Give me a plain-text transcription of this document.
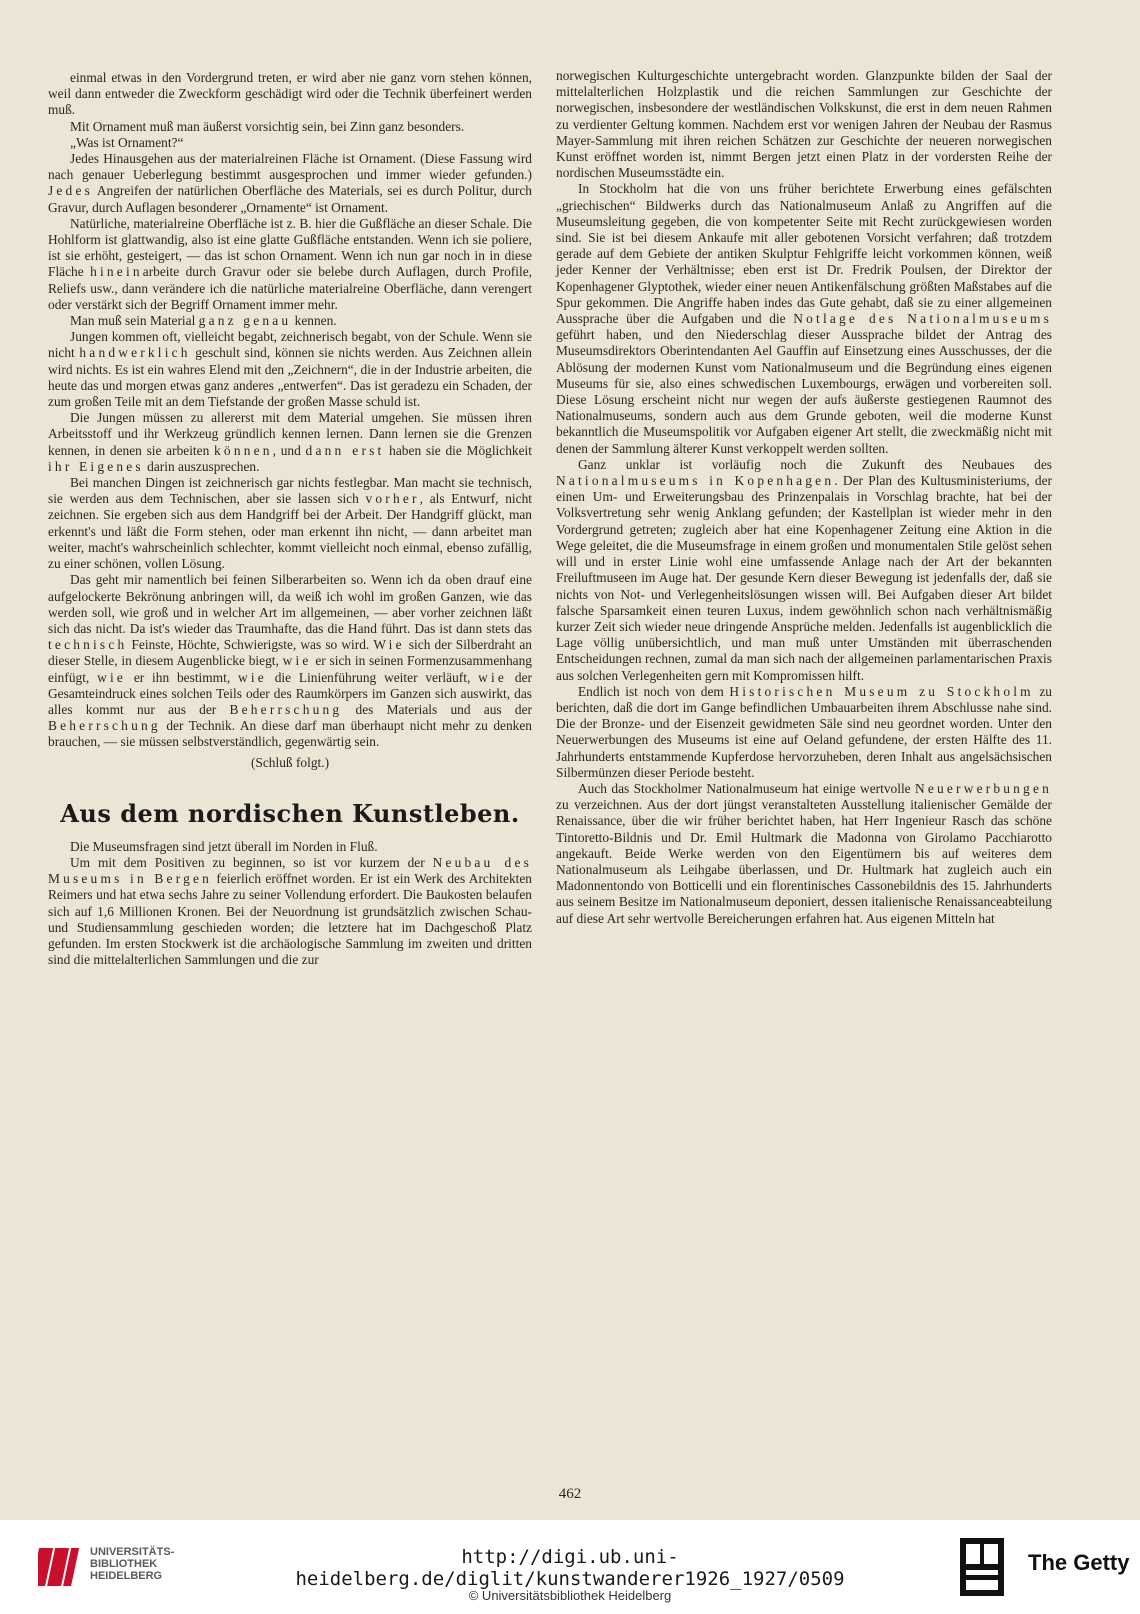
einmal etwas in den Vordergrund treten, er wird aber nie ganz vorn stehen können, weil dann entweder die Zweckform geschädigt wird oder die Technik überfeinert werden muß.

Mit Ornament muß man äußerst vorsichtig sein, bei Zinn ganz besonders.

„Was ist Ornament?“

Jedes Hinausgehen aus der materialreinen Fläche ist Ornament. (Diese Fassung wird nach genauer Ueberlegung bestimmt ausgesprochen und immer wieder gefunden.) Jedes Angreifen der natürlichen Oberfläche des Materials, sei es durch Politur, durch Gravur, durch Auflagen besonderer „Ornamente“ ist Ornament.

Natürliche, materialreine Oberfläche ist z. B. hier die Gußfläche an dieser Schale. Die Hohlform ist glattwandig, also ist eine glatte Gußfläche entstanden. Wenn ich sie poliere, ist sie erhöht, gesteigert, — das ist schon Ornament. Wenn ich nun gar noch in in diese Fläche hineinarbeite durch Gravur oder sie belebe durch Auflagen, durch Profile, Reliefs usw., dann verändere ich die natürliche materialreine Oberfläche, dann verengert oder verstärkt sich der Begriff Ornament immer mehr.

Man muß sein Material ganz genau kennen.

Jungen kommen oft, vielleicht begabt, zeichnerisch begabt, von der Schule. Wenn sie nicht handwerklich geschult sind, können sie nichts werden. Aus Zeichnen allein wird nichts. Es ist ein wahres Elend mit den „Zeichnern“, die in der Industrie arbeiten, die heute das und morgen etwas ganz anderes „entwerfen“. Das ist geradezu ein Schaden, der zum großen Teile mit an dem Tiefstande der großen Masse schuld ist.

Die Jungen müssen zu allererst mit dem Material umgehen. Sie müssen ihren Arbeitsstoff und ihr Werkzeug gründlich kennen lernen. Dann lernen sie die Grenzen kennen, in denen sie arbeiten können, und dann erst haben sie die Möglichkeit ihr Eigenes darin auszusprechen.

Bei manchen Dingen ist zeichnerisch gar nichts festlegbar. Man macht sie technisch, sie werden aus dem Technischen, aber sie lassen sich vorher, als Entwurf, nicht zeichnen. Sie ergeben sich aus dem Handgriff bei der Arbeit. Der Handgriff glückt, man erkennt's und läßt die Form stehen, oder man erkennt ihn nicht, — dann arbeitet man weiter, macht's wahrscheinlich schlechter, kommt vielleicht noch einmal, ebenso zufällig, zu einer schönen, vollen Lösung.

Das geht mir namentlich bei feinen Silberarbeiten so. Wenn ich da oben drauf eine aufgelockerte Bekrönung anbringen will, da weiß ich wohl im großen Ganzen, wie das werden soll, wie groß und in welcher Art im allgemeinen, — aber vorher zeichnen läßt sich das nicht. Da ist's wieder das Traumhafte, das die Hand führt. Das ist dann stets das technisch Feinste, Höchte, Schwierigste, was so wird. Wie sich der Silberdraht an dieser Stelle, in diesem Augenblicke biegt, wie er sich in seinen Formenzusammenhang einfügt, wie er ihn bestimmt, wie die Linienführung weiter verläuft, wie der Gesamteindruck eines solchen Teils oder des Raumkörpers im Ganzen sich auswirkt, das alles kommt nur aus der Beherrschung des Materials und aus der Beherrschung der Technik. An diese darf man überhaupt nicht mehr zu denken brauchen, — sie müssen selbstverständlich, gegenwärtig sein.

(Schluß folgt.)

Aus dem nordischen Kunstleben.

Die Museumsfragen sind jetzt überall im Norden in Fluß.

Um mit dem Positiven zu beginnen, so ist vor kurzem der Neubau des Museums in Bergen feierlich eröffnet worden. Er ist ein Werk des Architekten Reimers und hat etwa sechs Jahre zu seiner Vollendung erfordert. Die Baukosten belaufen sich auf 1,6 Millionen Kronen. Bei der Neuordnung ist grundsätzlich zwischen Schau- und Studiensammlung geschieden worden; die letztere hat im Dachgeschoß Platz gefunden. Im ersten Stockwerk ist die archäologische Sammlung im zweiten und dritten sind die mittelalterlichen Sammlungen und die zur

norwegischen Kulturgeschichte untergebracht worden. Glanzpunkte bilden der Saal der mittelalterlichen Holzplastik und die reichen Sammlungen zur Geschichte der norwegischen, insbesondere der westländischen Volkskunst, die erst in dem neuen Rahmen zu verdienter Geltung kommen. Nachdem erst vor wenigen Jahren der Neubau der Rasmus Mayer-Sammlung mit ihren reichen Schätzen zur Geschichte der neueren norwegischen Kunst eröffnet worden ist, nimmt Bergen jetzt einen Platz in der vordersten Reihe der nordischen Museumsstädte ein.

In Stockholm hat die von uns früher berichtete Erwerbung eines gefälschten „griechischen“ Bildwerks durch das Nationalmuseum Anlaß zu Angriffen auf die Museumsleitung gegeben, die von kompetenter Seite mit Recht zurückgewiesen worden sind. Sie ist bei diesem Ankaufe mit aller gebotenen Vorsicht verfahren; daß trotzdem gerade auf dem Gebiete der antiken Skulptur Fehlgriffe leicht vorkommen können, weiß jeder Kenner der Verhältnisse; eben erst ist Dr. Fredrik Poulsen, der Direktor der Kopenhagener Glyptothek, wieder einer neuen Antikenfälschung größten Maßstabes auf die Spur gekommen. Die Angriffe haben indes das Gute gehabt, daß sie zu einer allgemeinen Aussprache über die Aufgaben und die Notlage des Nationalmuseums geführt haben, und den Niederschlag dieser Aussprache bildet der Antrag des Museumsdirektors Oberintendanten Ael Gauffin auf Einsetzung eines Ausschusses, der die Ablösung der modernen Kunst vom Nationalmuseum und die Begründung eines eigenen Museums für sie, also eines schwedischen Luxembourgs, erwägen und vorbereiten soll. Diese Lösung erscheint nicht nur wegen der aufs äußerste gestiegenen Raumnot des Nationalmuseums, sondern auch aus dem Grunde geboten, weil die moderne Kunst bekanntlich die Museumspolitik vor Aufgaben eigener Art stellt, die zweckmäßig nicht mit denen der Sammlung älterer Kunst verkoppelt werden sollten.

Ganz unklar ist vorläufig noch die Zukunft des Neubaues des Nationalmuseums in Kopenhagen. Der Plan des Kultusministeriums, der einen Um- und Erweiterungsbau des Prinzenpalais in Vorschlag brachte, hat bei der Volksvertretung sehr wenig Anklang gefunden; der Kastellplan ist wieder mehr in den Vordergrund getreten; zugleich aber hat eine Kopenhagener Zeitung eine Aktion in die Wege geleitet, die die Museumsfrage in einem großen und monumentalen Stile gelöst sehen will und in erster Linie wohl eine umfassende Anlage nach der Art der bekannten Freiluftmuseen im Auge hat. Der gesunde Kern dieser Bewegung ist jedenfalls der, daß sie nichts von Not- und Verlegenheitslösungen wissen will. Bei Aufgaben dieser Art bildet falsche Sparsamkeit einen teuren Luxus, indem gewöhnlich schon nach verhältnismäßig kurzer Zeit sich wieder neue dringende Ansprüche melden. Jedenfalls ist augenblicklich die Lage völlig unübersichtlich, und man muß unter Umständen mit überraschenden Entscheidungen rechnen, zumal da man sich nach der allgemeinen parlamentarischen Praxis aus solchen Verlegenheiten gern mit Kompromissen hilft.

Endlich ist noch von dem Historischen Museum zu Stockholm zu berichten, daß die dort im Gange befindlichen Umbauarbeiten ihrem Abschlusse nahe sind. Die der Bronze- und der Eisenzeit gewidmeten Säle sind neu geordnet worden. Unter den Neuerwerbungen des Museums ist eine auf Oeland gefundene, der ersten Hälfte des 11. Jahrhunderts entstammende Kupferdose hervorzuheben, deren Inhalt aus angelsächsischen Silbermünzen dieser Periode besteht.

Auch das Stockholmer Nationalmuseum hat einige wertvolle Neuerwerbungen zu verzeichnen. Aus der dort jüngst veranstalteten Ausstellung italienischer Gemälde der Renaissance, über die wir früher berichtet haben, hat Herr Ingenieur Rasch das schöne Tintoretto-Bildnis und Dr. Emil Hultmark die Madonna von Girolamo Pacchiarotto angekauft. Beide Werke werden von den Eigentümern bis auf weiteres dem Nationalmuseum als Leihgabe überlassen, und Dr. Hultmark hat zugleich auch ein Madonnentondo von Botticelli und ein florentinisches Cassonebildnis des 15. Jahrhunderts aus seinem Besitze im Nationalmuseum deponiert, dessen italienische Renaissanceabteilung auf diese Art sehr wertvolle Bereicherungen erfahren hat. Aus eigenen Mitteln hat

462
UNIVERSITÄTS-
BIBLIOTHEK
HEIDELBERG
http://digi.ub.uni-heidelberg.de/diglit/kunstwanderer1926_1927/0509
© Universitätsbibliothek Heidelberg
The Getty
